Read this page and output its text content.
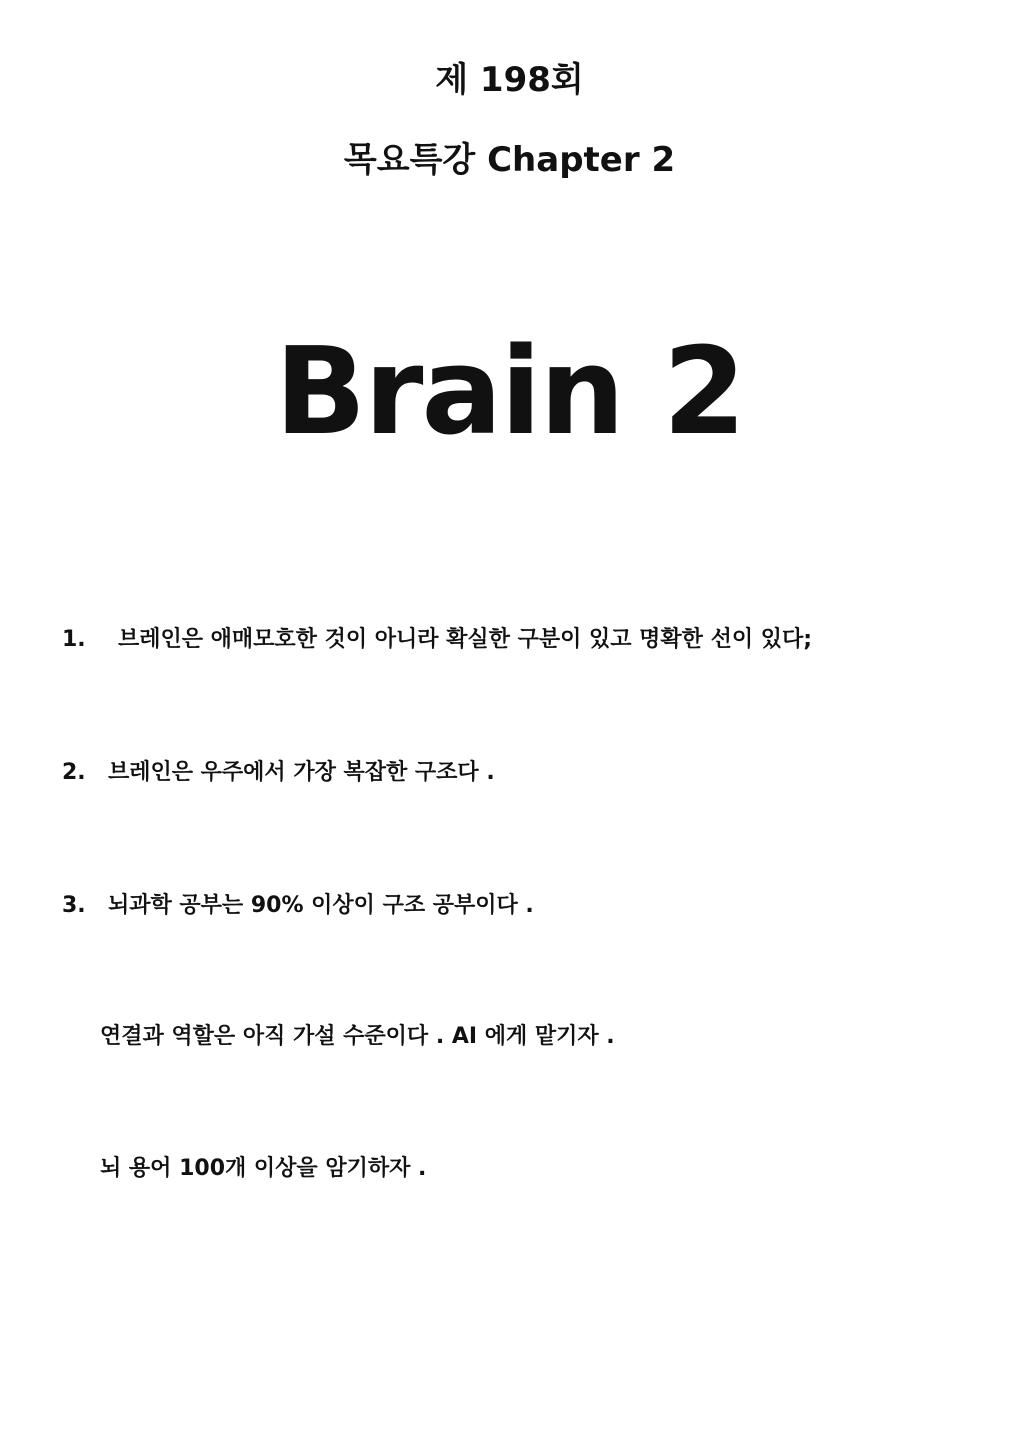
제 198회
목요특강 Chapter 2
Brain 2
1. 브레인은 애매모호한 것이 아니라 확실한 구분이 있고 명확한 선이 있다;
2. 브레인은 우주에서 가장 복잡한 구조다 .
3. 뇌과학 공부는 90% 이상이 구조 공부이다 .
연결과 역할은 아직 가설 수준이다 . AI 에게 맡기자 .
뇌 용어 100개 이상을 암기하자 .
